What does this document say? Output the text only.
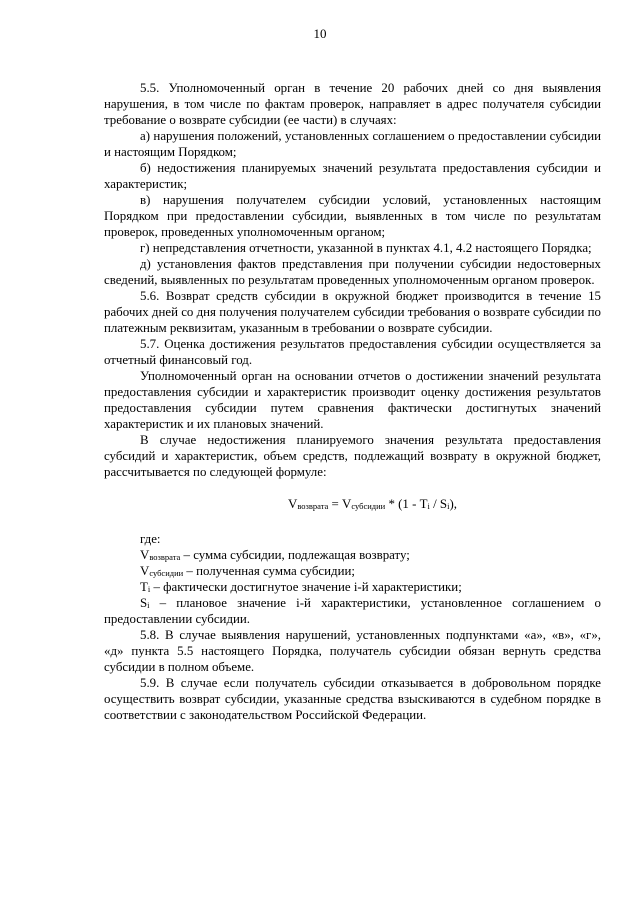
10

5.5. Уполномоченный орган в течение 20 рабочих дней со дня выявления нарушения, в том числе по фактам проверок, направляет в адрес получателя субсидии требование о возврате субсидии (ее части) в случаях:

а) нарушения положений, установленных соглашением о предоставлении субсидии и настоящим Порядком;

б) недостижения планируемых значений результата предоставления субсидии и характеристик;

в) нарушения получателем субсидии условий, установленных настоящим Порядком при предоставлении субсидии, выявленных в том числе по результатам проверок, проведенных уполномоченным органом;

г) непредставления отчетности, указанной в пунктах 4.1, 4.2 настоящего Порядка;

д) установления фактов представления при получении субсидии недостоверных сведений, выявленных по результатам проведенных уполномоченным органом проверок.

5.6. Возврат средств субсидии в окружной бюджет производится в течение 15 рабочих дней со дня получения получателем субсидии требования о возврате субсидии по платежным реквизитам, указанным в требовании о возврате субсидии.

5.7. Оценка достижения результатов предоставления субсидии осуществляется за отчетный финансовый год.

Уполномоченный орган на основании отчетов о достижении значений результата предоставления субсидии и характеристик производит оценку достижения результатов предоставления субсидии путем сравнения фактически достигнутых значений характеристик и их плановых значений.

В случае недостижения планируемого значения результата предоставления субсидий и характеристик, объем средств, подлежащий возврату в окружной бюджет, рассчитывается по следующей формуле:

$V_{возврата} = V_{субсидии} * (1 - T_i / S_i)$,

где:

$V_{возврата}$ – сумма субсидии, подлежащая возврату;

$V_{субсидии}$ – полученная сумма субсидии;

$T_i$ – фактически достигнутое значение i-й характеристики;

$S_i$ – плановое значение i-й характеристики, установленное соглашением о предоставлении субсидии.

5.8. В случае выявления нарушений, установленных подпунктами «а», «в», «г», «д» пункта 5.5 настоящего Порядка, получатель субсидии обязан вернуть средства субсидии в полном объеме.

5.9. В случае если получатель субсидии отказывается в добровольном порядке осуществить возврат субсидии, указанные средства взыскиваются в судебном порядке в соответствии с законодательством Российской Федерации.
